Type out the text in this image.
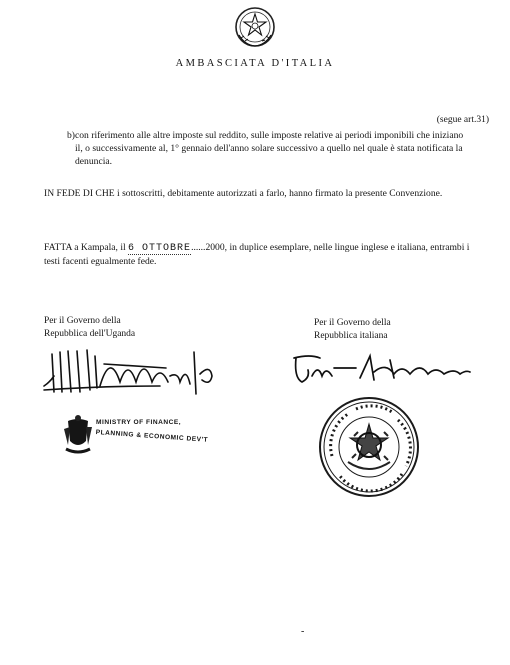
AMBASCIATA D'ITALIA
(segue art.31)
b) con riferimento alle altre imposte sul reddito, sulle imposte relative ai periodi imponibili che iniziano il, o successivamente al, 1° gennaio dell'anno solare successivo a quello nel quale è stata notificata la denuncia.
IN FEDE DI CHE i sottoscritti, debitamente autorizzati a farlo, hanno firmato la presente Convenzione.
FATTA a Kampala, il 6 OTTOBRE......2000, in duplice esemplare, nelle lingue inglese e italiana, entrambi i testi facenti egualmente fede.
Per il Governo della
Repubblica dell'Uganda
Per il Governo della
Repubblica italiana
MINISTRY OF FINANCE,
PLANNING & ECONOMIC DEV'T
-
